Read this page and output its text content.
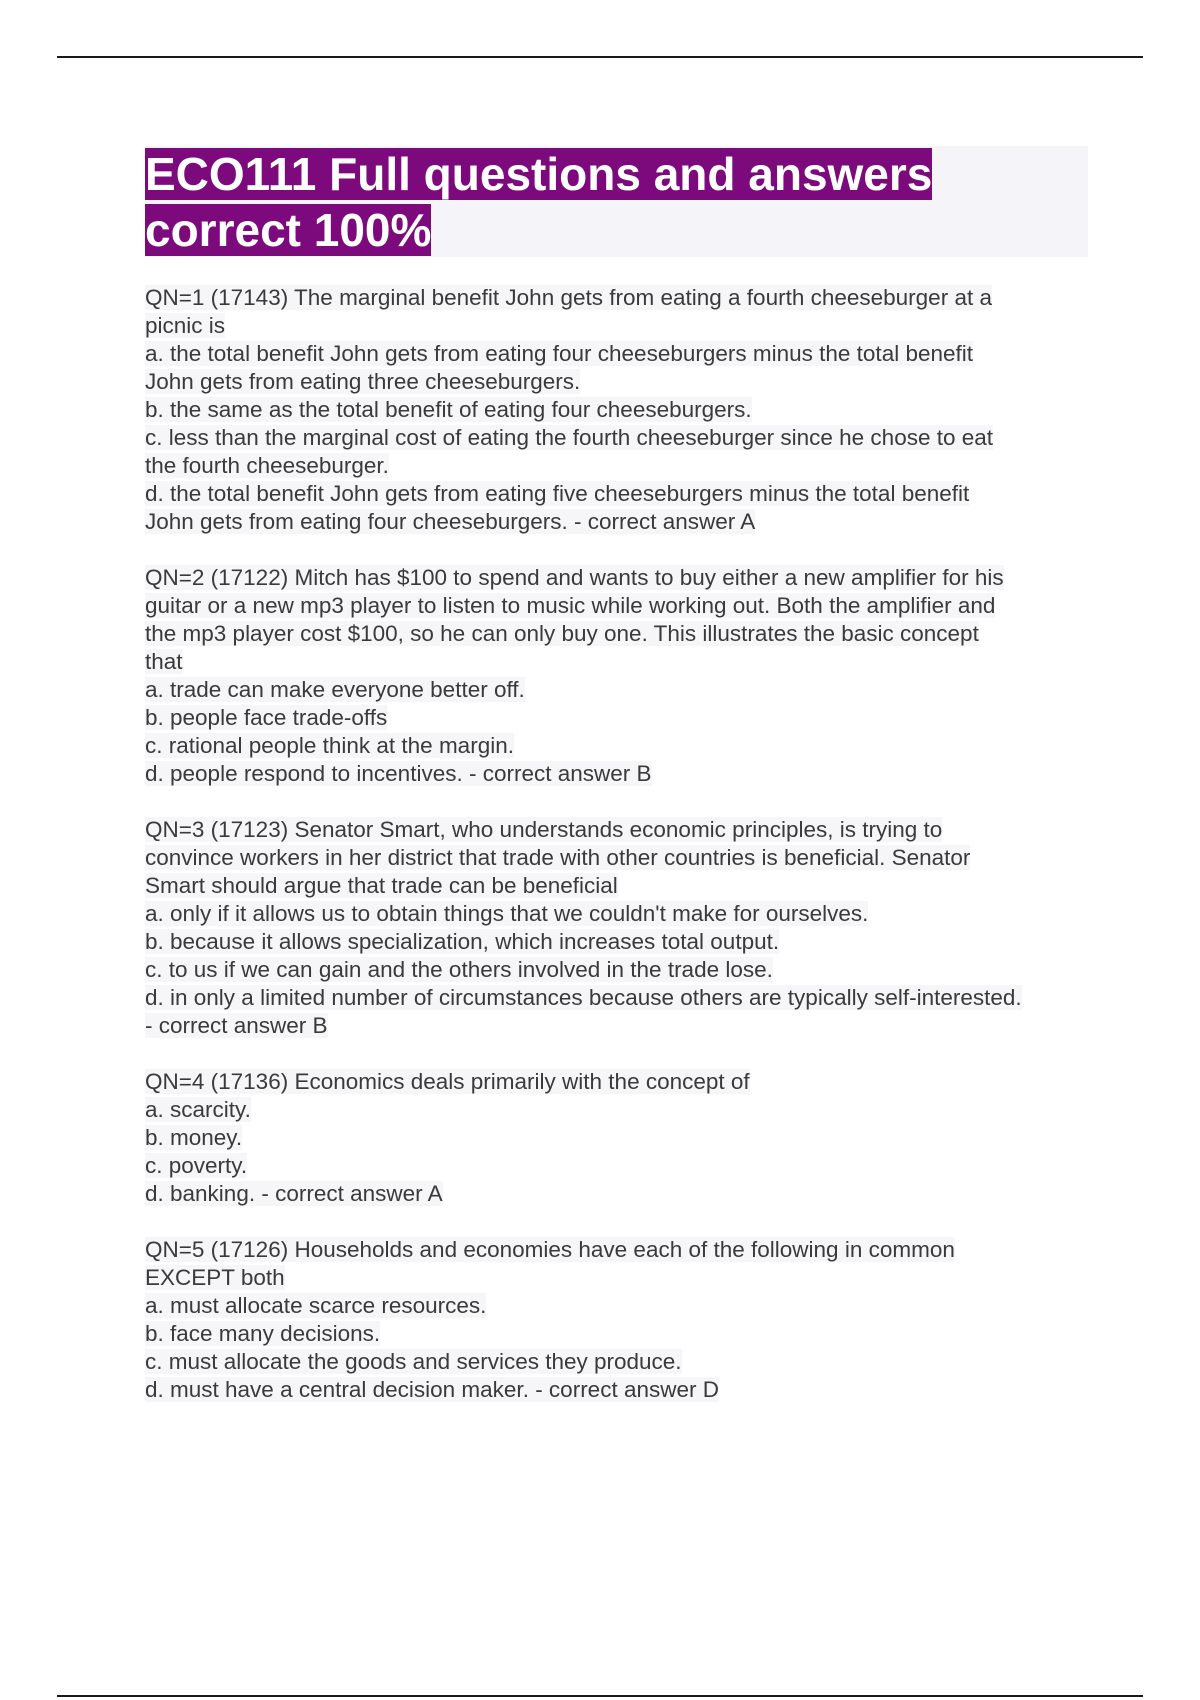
ECO111 Full questions and answers correct 100%

QN=1 (17143) The marginal benefit John gets from eating a fourth cheeseburger at a

picnic is

a. the total benefit John gets from eating four cheeseburgers minus the total benefit

John gets from eating three cheeseburgers.

b. the same as the total benefit of eating four cheeseburgers.

c. less than the marginal cost of eating the fourth cheeseburger since he chose to eat

the fourth cheeseburger.

d. the total benefit John gets from eating five cheeseburgers minus the total benefit

John gets from eating four cheeseburgers. - correct answer A

QN=2 (17122) Mitch has $100 to spend and wants to buy either a new amplifier for his

guitar or a new mp3 player to listen to music while working out. Both the amplifier and

the mp3 player cost $100, so he can only buy one. This illustrates the basic concept

that

a. trade can make everyone better off.

b. people face trade-offs

c. rational people think at the margin.

d. people respond to incentives. - correct answer B

QN=3 (17123) Senator Smart, who understands economic principles, is trying to

convince workers in her district that trade with other countries is beneficial. Senator

Smart should argue that trade can be beneficial

a. only if it allows us to obtain things that we couldn't make for ourselves.

b. because it allows specialization, which increases total output.

c. to us if we can gain and the others involved in the trade lose.

d. in only a limited number of circumstances because others are typically self-interested.

- correct answer B

QN=4 (17136) Economics deals primarily with the concept of

a. scarcity.

b. money.

c. poverty.

d. banking. - correct answer A

QN=5 (17126) Households and economies have each of the following in common

EXCEPT both

a. must allocate scarce resources.

b. face many decisions.

c. must allocate the goods and services they produce.

d. must have a central decision maker. - correct answer D
